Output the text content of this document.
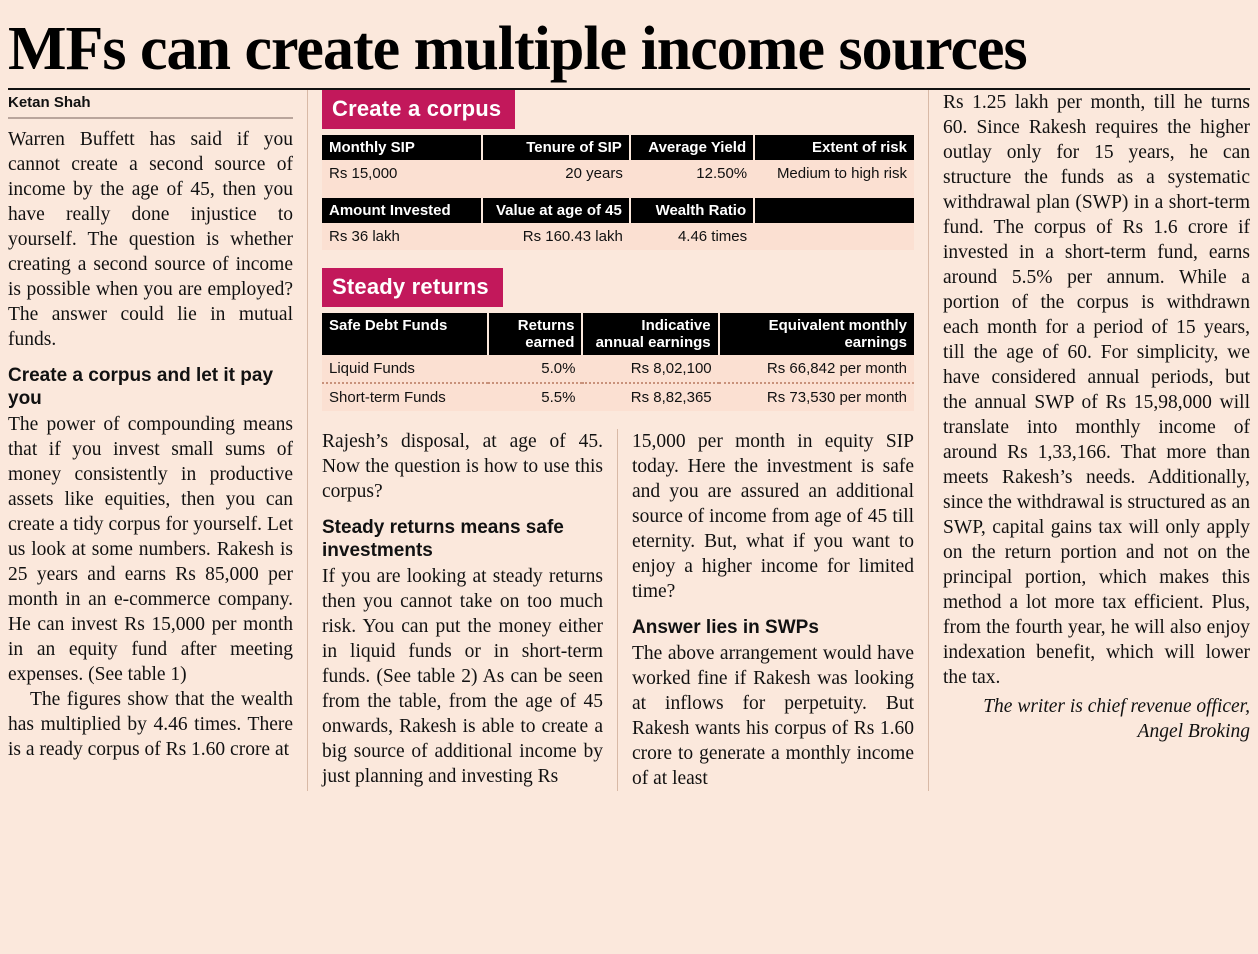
MFs can create multiple income sources
Ketan Shah

Warren Buffett has said if you cannot create a second source of income by the age of 45, then you have really done injustice to yourself. The question is whether creating a second source of income is possible when you are employed? The answer could lie in mutual funds.

Create a corpus and let it pay you

The power of compounding means that if you invest small sums of money consistently in productive assets like equities, then you can create a tidy corpus for yourself. Let us look at some numbers. Rakesh is 25 years and earns Rs 85,000 per month in an e-commerce company. He can invest Rs 15,000 per month in an equity fund after meeting expenses. (See table 1)

The figures show that the wealth has multiplied by 4.46 times. There is a ready corpus of Rs 1.60 crore at

Create a corpus
Monthly SIP	Tenure of SIP	Average Yield	Extent of risk
Rs 15,000	20 years	12.50%	Medium to high risk

Amount Invested	Value at age of 45	Wealth Ratio	
Rs 36 lakh	Rs 160.43 lakh	4.46 times	
Steady returns
Safe Debt Funds	Returns earned	Indicative annual earnings	Equivalent monthly earnings
Liquid Funds	5.0%	Rs 8,02,100	Rs 66,842 per month
Short-term Funds	5.5%	Rs 8,82,365	Rs 73,530 per month

Rajesh’s disposal, at age of 45. Now the question is how to use this corpus?

Steady returns means safe investments

If you are looking at steady returns then you cannot take on too much risk. You can put the money either in liquid funds or in short-term funds. (See table 2) As can be seen from the table, from the age of 45 onwards, Rakesh is able to create a big source of additional income by just planning and investing Rs

15,000 per month in equity SIP today. Here the investment is safe and you are assured an additional source of income from age of 45 till eternity. But, what if you want to enjoy a higher income for limited time?

Answer lies in SWPs

The above arrangement would have worked fine if Rakesh was looking at inflows for perpetuity. But Rakesh wants his corpus of Rs 1.60 crore to generate a monthly income of at least

Rs 1.25 lakh per month, till he turns 60. Since Rakesh requires the higher outlay only for 15 years, he can structure the funds as a systematic withdrawal plan (SWP) in a short-term fund. The corpus of Rs 1.6 crore if invested in a short-term fund, earns around 5.5% per annum. While a portion of the corpus is withdrawn each month for a period of 15 years, till the age of 60. For simplicity, we have considered annual periods, but the annual SWP of Rs 15,98,000 will translate into monthly income of around Rs 1,33,166. That more than meets Rakesh’s needs. Additionally, since the withdrawal is structured as an SWP, capital gains tax will only apply on the return portion and not on the principal portion, which makes this method a lot more tax efficient. Plus, from the fourth year, he will also enjoy indexation benefit, which will lower the tax.

The writer is chief revenue officer, Angel Broking
